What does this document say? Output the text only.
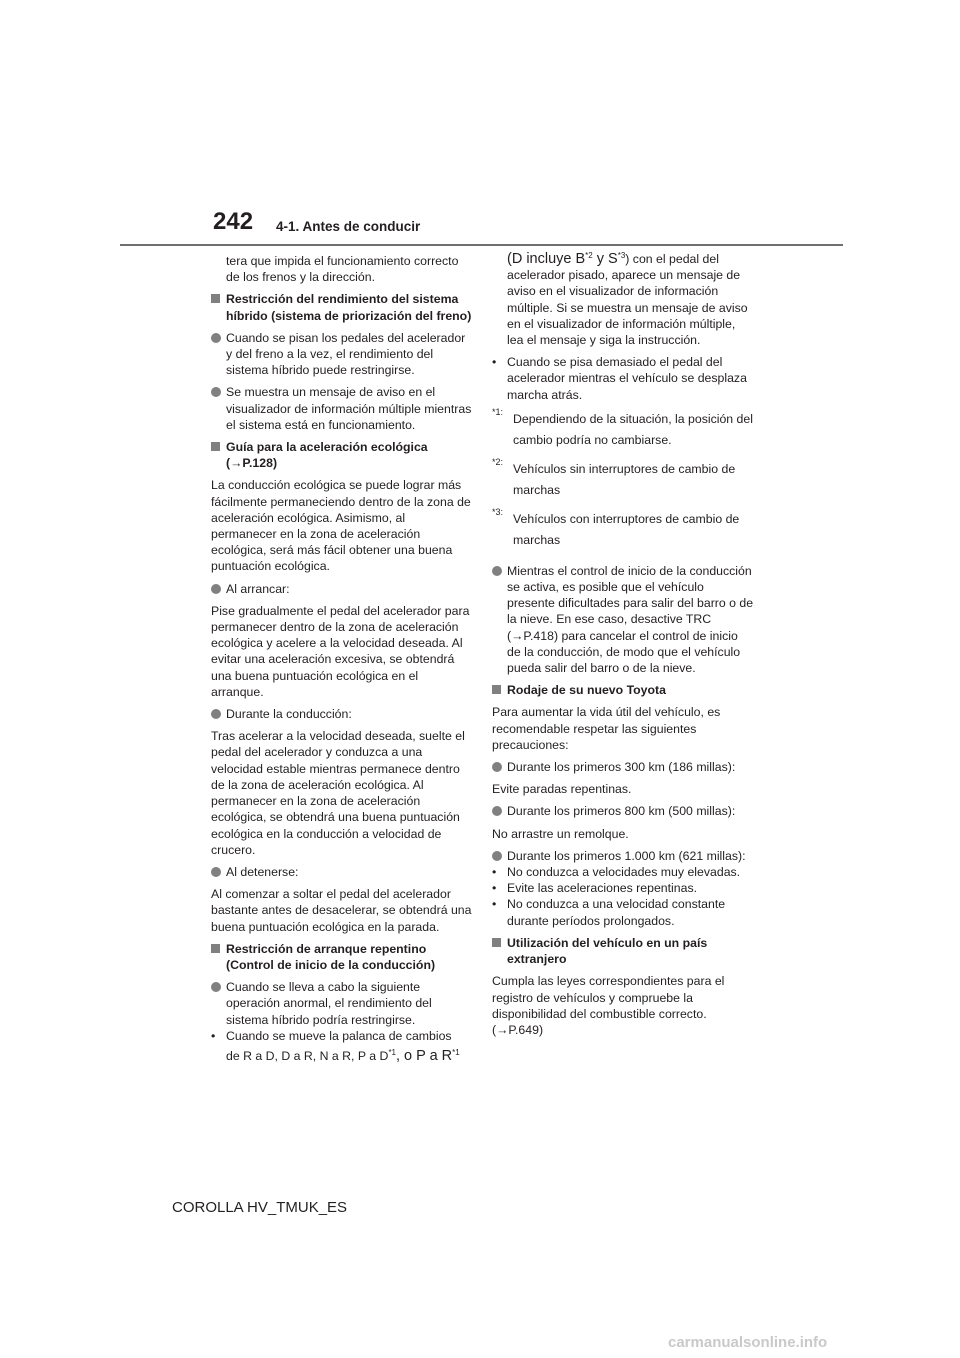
242 4-1. Antes de conducir

tera que impida el funcionamiento correcto de los frenos y la dirección.

Restricción del rendimiento del sistema híbrido (sistema de priorización del freno)
Cuando se pisan los pedales del acelerador y del freno a la vez, el rendimiento del sistema híbrido puede restringirse.
Se muestra un mensaje de aviso en el visualizador de información múltiple mientras el sistema está en funcionamiento.
Guía para la aceleración ecológica
(→P.128)

La conducción ecológica se puede lograr más fácilmente permaneciendo dentro de la zona de aceleración ecológica. Asimismo, al permanecer en la zona de aceleración ecológica, será más fácil obtener una buena puntuación ecológica.

Al arrancar:

Pise gradualmente el pedal del acelerador para permanecer dentro de la zona de aceleración ecológica y acelere a la velocidad deseada. Al evitar una aceleración excesiva, se obtendrá una buena puntuación ecológica en el arranque.

Durante la conducción:

Tras acelerar a la velocidad deseada, suelte el pedal del acelerador y conduzca a una velocidad estable mientras permanece dentro de la zona de aceleración ecológica. Al permanecer en la zona de aceleración ecológica, se obtendrá una buena puntuación ecológica en la conducción a velocidad de crucero.

Al detenerse:

Al comenzar a soltar el pedal del acelerador bastante antes de desacelerar, se obtendrá una buena puntuación ecológica en la parada.

Restricción de arranque repentino (Control de inicio de la conducción)
Cuando se lleva a cabo la siguiente operación anormal, el rendimiento del sistema híbrido podría restringirse.
• Cuando se mueve la palanca de cambios
de R a D, D a R, N a R, P a $D^{*1}$, o P a $R^{*1}$

(D incluye $B^{*2}$ y $S^{*3}$) con el pedal del acelerador pisado, aparece un mensaje de aviso en el visualizador de información múltiple. Si se muestra un mensaje de aviso en el visualizador de información múltiple, lea el mensaje y siga la instrucción.

• Cuando se pisa demasiado el pedal del acelerador mientras el vehículo se desplaza marcha atrás.
*1: Dependiendo de la situación, la posición del cambio podría no cambiarse.
*2: Vehículos sin interruptores de cambio de marchas
*3: Vehículos con interruptores de cambio de marchas
Mientras el control de inicio de la conducción se activa, es posible que el vehículo presente dificultades para salir del barro o de la nieve. En ese caso, desactive TRC (→P.418) para cancelar el control de inicio de la conducción, de modo que el vehículo pueda salir del barro o de la nieve.
Rodaje de su nuevo Toyota

Para aumentar la vida útil del vehículo, es recomendable respetar las siguientes precauciones:

Durante los primeros 300 km (186 millas):

Evite paradas repentinas.

Durante los primeros 800 km (500 millas):

No arrastre un remolque.

Durante los primeros 1.000 km (621 millas):
• No conduzca a velocidades muy elevadas.
• Evite las aceleraciones repentinas.
• No conduzca a una velocidad constante durante períodos prolongados.
Utilización del vehículo en un país extranjero

Cumpla las leyes correspondientes para el registro de vehículos y compruebe la disponibilidad del combustible correcto. (→P.649)

COROLLA HV_TMUK_ES
carmanualsonline.info
